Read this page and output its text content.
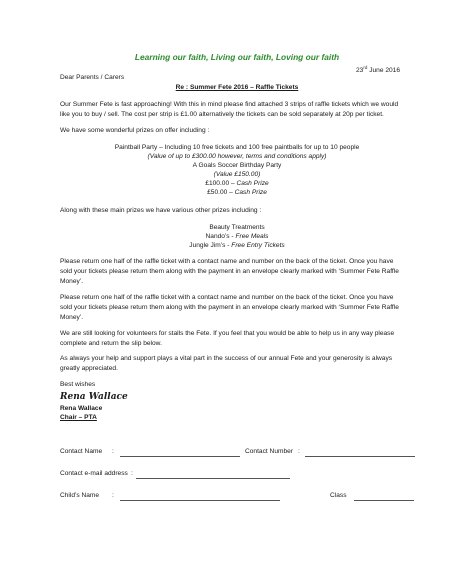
Learning our faith, Living our faith, Loving our faith
23rd June 2016
Dear Parents / Carers
Re : Summer Fete 2016 – Raffle Tickets
Our Summer Fete is fast approaching! With this in mind please find attached 3 strips of raffle tickets which we would
like you to buy / sell. The cost per strip is £1.00 alternatively the tickets can be sold separately at 20p per ticket.
We have some wonderful prizes on offer including :
Paintball Party – Including 10 free tickets and 100 free paintballs for up to 10 people
(Value of up to £300.00 however, terms and conditions apply)
A Goals Soccer Birthday Party
(Value £150.00)
£100.00 – Cash Prize
£50.00 – Cash Prize
Along with these main prizes we have various other prizes including :
Beauty Treatments
Nando’s - Free Meals
Jungle Jim’s - Free Entry Tickets
Please return one half of the raffle ticket with a contact name and number on the back of the ticket. Once you have
sold your tickets please return them along with the payment in an envelope clearly marked with ‘Summer Fete Raffle
Money’.
Please return one half of the raffle ticket with a contact name and number on the back of the ticket. Once you have
sold your tickets please return them along with the payment in an envelope clearly marked with ‘Summer Fete Raffle
Money’.
We are still looking for volunteers for stalls the Fete. If you feel that you would be able to help us in any way please
complete and return the slip below.
As always your help and support plays a vital part in the success of our annual Fete and your generosity is always
greatly appreciated.
Best wishes
Rena Wallace
Rena Wallace
Chair – PTA
Contact Name :	Contact Number :
Contact e-mail address :
Child’s Name :	Class
